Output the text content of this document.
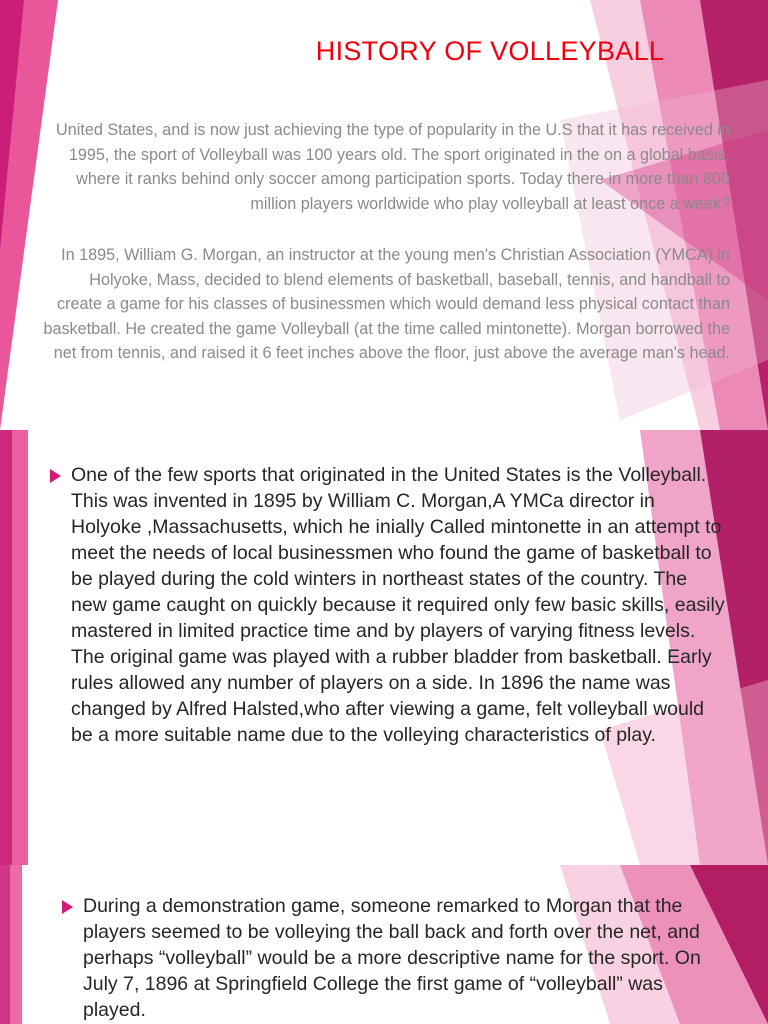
HISTORY OF VOLLEYBALL

United States, and is now just achieving the type of popularity in the U.S that it has received in 1995, the sport of Volleyball was 100 years old. The sport originated in the on a global basis, where it ranks behind only soccer among participation sports. Today there in more than 800 million players worldwide who play volleyball at least once a week?

In 1895, William G. Morgan, an instructor at the young men's Christian Association (YMCA) in Holyoke, Mass, decided to blend elements of basketball, baseball, tennis, and handball to create a game for his classes of businessmen which would demand less physical contact than basketball. He created the game Volleyball (at the time called mintonette). Morgan borrowed the net from tennis, and raised it 6 feet inches above the floor, just above the average man's head.

One of the few sports that originated in the United States is the Volleyball. This was invented in 1895 by William C. Morgan,A YMCa director in Holyoke ,Massachusetts, which he inially Called mintonette in an attempt to meet the needs of local businessmen who found the game of basketball to be played during the cold winters in northeast states of the country. The new game caught on quickly because it required only few basic skills, easily mastered in limited practice time and by players of varying fitness levels. The original game was played with a rubber bladder from basketball. Early rules allowed any number of players on a side. In 1896 the name was changed by Alfred Halsted,who after viewing a game, felt volleyball would be a more suitable name due to the volleying characteristics of play.

During a demonstration game, someone remarked to Morgan that the players seemed to be volleying the ball back and forth over the net, and perhaps “volleyball” would be a more descriptive name for the sport. On July 7, 1896 at Springfield College the first game of “volleyball” was played.
